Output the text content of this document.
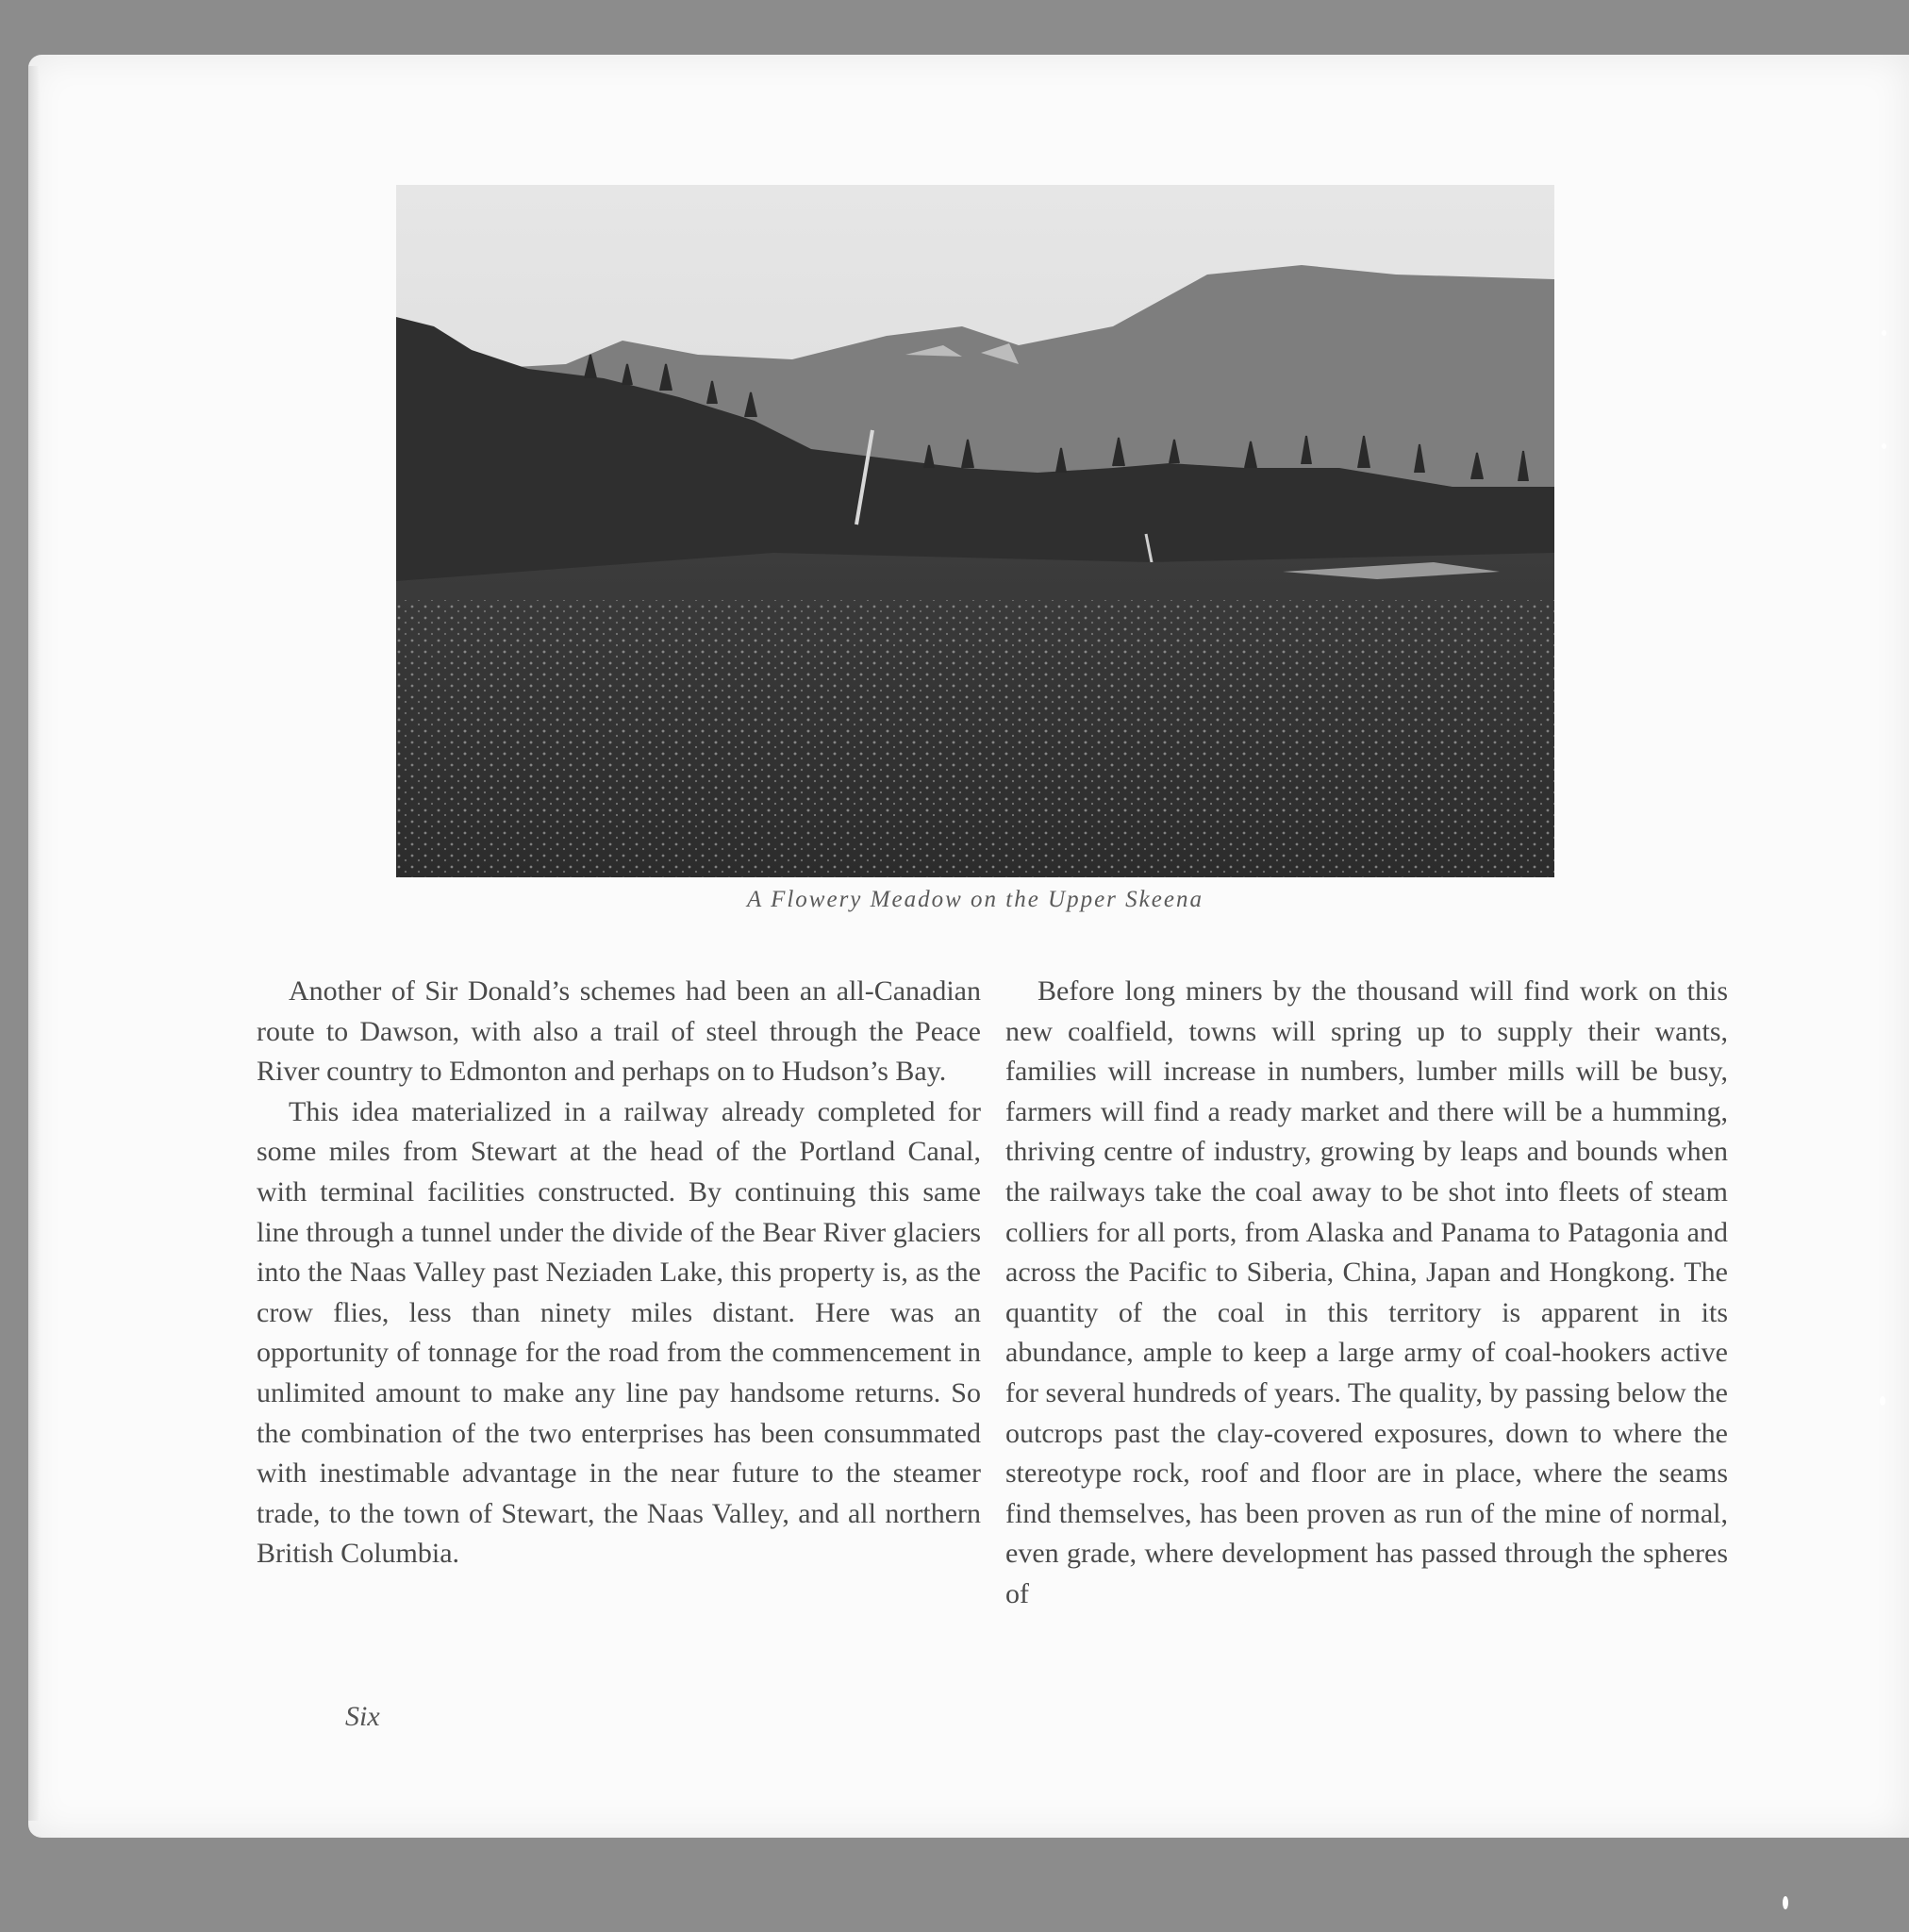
A Flowery Meadow on the Upper Skeena

Another of Sir Donald’s schemes had been an all-Canadian route to Dawson, with also a trail of steel through the Peace River country to Edmonton and perhaps on to Hudson’s Bay.

This idea materialized in a railway already completed for some miles from Stewart at the head of the Portland Canal, with terminal facilities constructed. By continuing this same line through a tunnel under the divide of the Bear River glaciers into the Naas Valley past Neziaden Lake, this property is, as the crow flies, less than ninety miles distant. Here was an opportunity of tonnage for the road from the commencement in unlimited amount to make any line pay handsome returns. So the combination of the two enterprises has been consummated with inestimable advantage in the near future to the steamer trade, to the town of Stewart, the Naas Valley, and all northern British Columbia.

Before long miners by the thousand will find work on this new coalfield, towns will spring up to supply their wants, families will increase in numbers, lumber mills will be busy, farmers will find a ready market and there will be a humming, thriving centre of industry, growing by leaps and bounds when the railways take the coal away to be shot into fleets of steam colliers for all ports, from Alaska and Panama to Patagonia and across the Pacific to Siberia, China, Japan and Hongkong. The quantity of the coal in this territory is apparent in its abundance, ample to keep a large army of coal-hookers active for several hundreds of years. The quality, by passing below the outcrops past the clay-covered exposures, down to where the stereotype rock, roof and floor are in place, where the seams find themselves, has been proven as run of the mine of normal, even grade, where development has passed through the spheres of

Six
